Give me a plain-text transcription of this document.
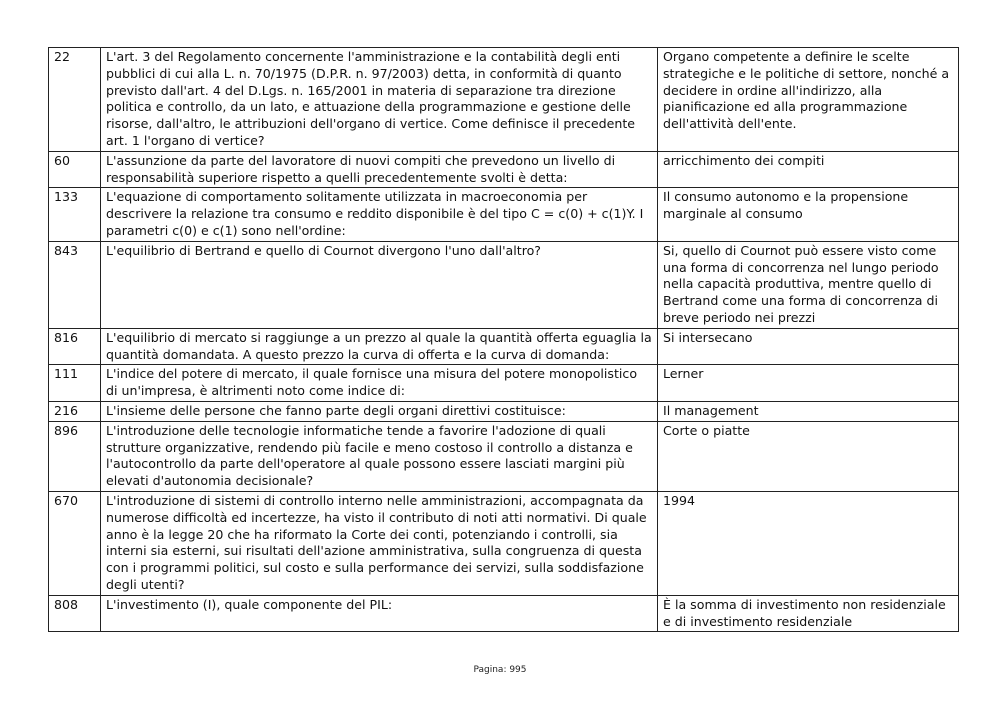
22	L'art. 3 del Regolamento concernente l'amministrazione e la contabilità degli enti pubblici di cui alla L. n. 70/1975 (D.P.R. n. 97/2003) detta, in conformità di quanto previsto dall'art. 4 del D.Lgs. n. 165/2001 in materia di separazione tra direzione politica e controllo, da un lato, e attuazione della programmazione e gestione delle risorse, dall'altro, le attribuzioni dell'organo di vertice. Come definisce il precedente art. 1 l'organo di vertice?	Organo competente a definire le scelte strategiche e le politiche di settore, nonché a decidere in ordine all'indirizzo, alla pianificazione ed alla programmazione dell'attività dell'ente.
60	L'assunzione da parte del lavoratore di nuovi compiti che prevedono un livello di responsabilità superiore rispetto a quelli precedentemente svolti è detta:	arricchimento dei compiti
133	L'equazione di comportamento solitamente utilizzata in macroeconomia per descrivere la relazione tra consumo e reddito disponibile è del tipo C = c(0) + c(1)Y. I parametri c(0) e c(1) sono nell'ordine:	Il consumo autonomo e la propensione marginale al consumo
843	L'equilibrio di Bertrand e quello di Cournot divergono l'uno dall'altro?	Si, quello di Cournot può essere visto come una forma di concorrenza nel lungo periodo nella capacità produttiva, mentre quello di Bertrand come una forma di concorrenza di breve periodo nei prezzi
816	L'equilibrio di mercato si raggiunge a un prezzo al quale la quantità offerta eguaglia la quantità domandata. A questo prezzo la curva di offerta e la curva di domanda:	Si intersecano
111	L'indice del potere di mercato, il quale fornisce una misura del potere monopolistico di un'impresa, è altrimenti noto come indice di:	Lerner
216	L'insieme delle persone che fanno parte degli organi direttivi costituisce:	Il management
896	L'introduzione delle tecnologie informatiche tende a favorire l'adozione di quali strutture organizzative, rendendo più facile e meno costoso il controllo a distanza e l'autocontrollo da parte dell'operatore al quale possono essere lasciati margini più elevati d'autonomia decisionale?	Corte o piatte
670	L'introduzione di sistemi di controllo interno nelle amministrazioni, accompagnata da numerose difficoltà ed incertezze, ha visto il contributo di noti atti normativi. Di quale anno è la legge 20 che ha riformato la Corte dei conti, potenziando i controlli, sia interni sia esterni, sui risultati dell'azione amministrativa, sulla congruenza di questa con i programmi politici, sul costo e sulla performance dei servizi, sulla soddisfazione degli utenti?	1994
808	L'investimento (I), quale componente del PIL:	È la somma di investimento non residenziale e di investimento residenziale
Pagina: 995
